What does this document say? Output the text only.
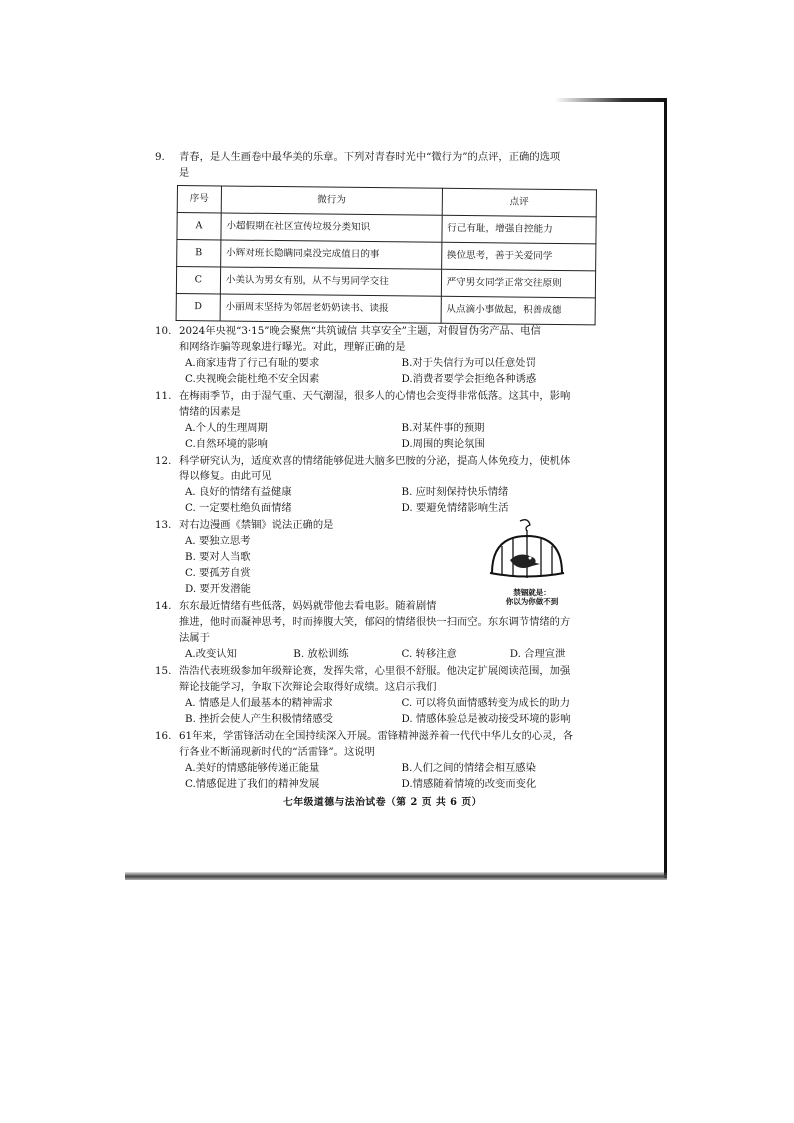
9.	青春，是人生画卷中最华美的乐章。下列对青春时光中“微行为”的点评，正确的选项
是
序号	微行为	点评
A	小超假期在社区宣传垃圾分类知识	行己有耻，增强自控能力
B	小辉对班长隐瞒同桌没完成值日的事	换位思考，善于关爱同学
C	小美认为男女有别，从不与男同学交往	严守男女同学正常交往原则
D	小丽周末坚持为邻居老奶奶读书、读报	从点滴小事做起，积善成德
10. 2024年央视“3·15”晚会聚焦“共筑诚信 共享安全”主题，对假冒伪劣产品、电信
和网络诈骗等现象进行曝光。对此，理解正确的是
A.商家违背了行己有耻的要求	B.对于失信行为可以任意处罚
C.央视晚会能杜绝不安全因素	D.消费者要学会拒绝各种诱惑
11. 在梅雨季节，由于湿气重、天气潮湿，很多人的心情也会变得非常低落。这其中，影响
情绪的因素是
A.个人的生理周期	B.对某件事的预期
C.自然环境的影响	D.周围的舆论氛围
12. 科学研究认为，适度欢喜的情绪能够促进大脑多巴胺的分泌，提高人体免疫力，使机体
得以修复。由此可见
A. 良好的情绪有益健康	B. 应时刻保持快乐情绪
C. 一定要杜绝负面情绪	D. 要避免情绪影响生活
13. 对右边漫画《禁锢》说法正确的是
A. 要独立思考
B. 要对人当歌
C. 要孤芳自赏
D. 要开发潜能	禁锢就是：
你以为你做不到
14. 东东最近情绪有些低落，妈妈就带他去看电影。随着剧情
推进，他时而凝神思考，时而捧腹大笑，郁闷的情绪很快一扫而空。东东调节情绪的方
法属于
A.改变认知	B. 放松训练	C. 转移注意	D. 合理宣泄
15. 浩浩代表班级参加年级辩论赛，发挥失常，心里很不舒服。他决定扩展阅读范围，加强
辩论技能学习，争取下次辩论会取得好成绩。这启示我们
A. 情感是人们最基本的精神需求	C. 可以将负面情感转变为成长的助力
B. 挫折会使人产生积极情绪感受	D. 情感体验总是被动接受环境的影响
16. 61年来，学雷锋活动在全国持续深入开展。雷锋精神滋养着一代代中华儿女的心灵，各
行各业不断涌现新时代的“活雷锋”。这说明
A.美好的情感能够传递正能量	B.人们之间的情绪会相互感染
C.情感促进了我们的精神发展	D.情感随着情境的改变而变化
七年级道德与法治试卷（第 2 页 共 6 页）
